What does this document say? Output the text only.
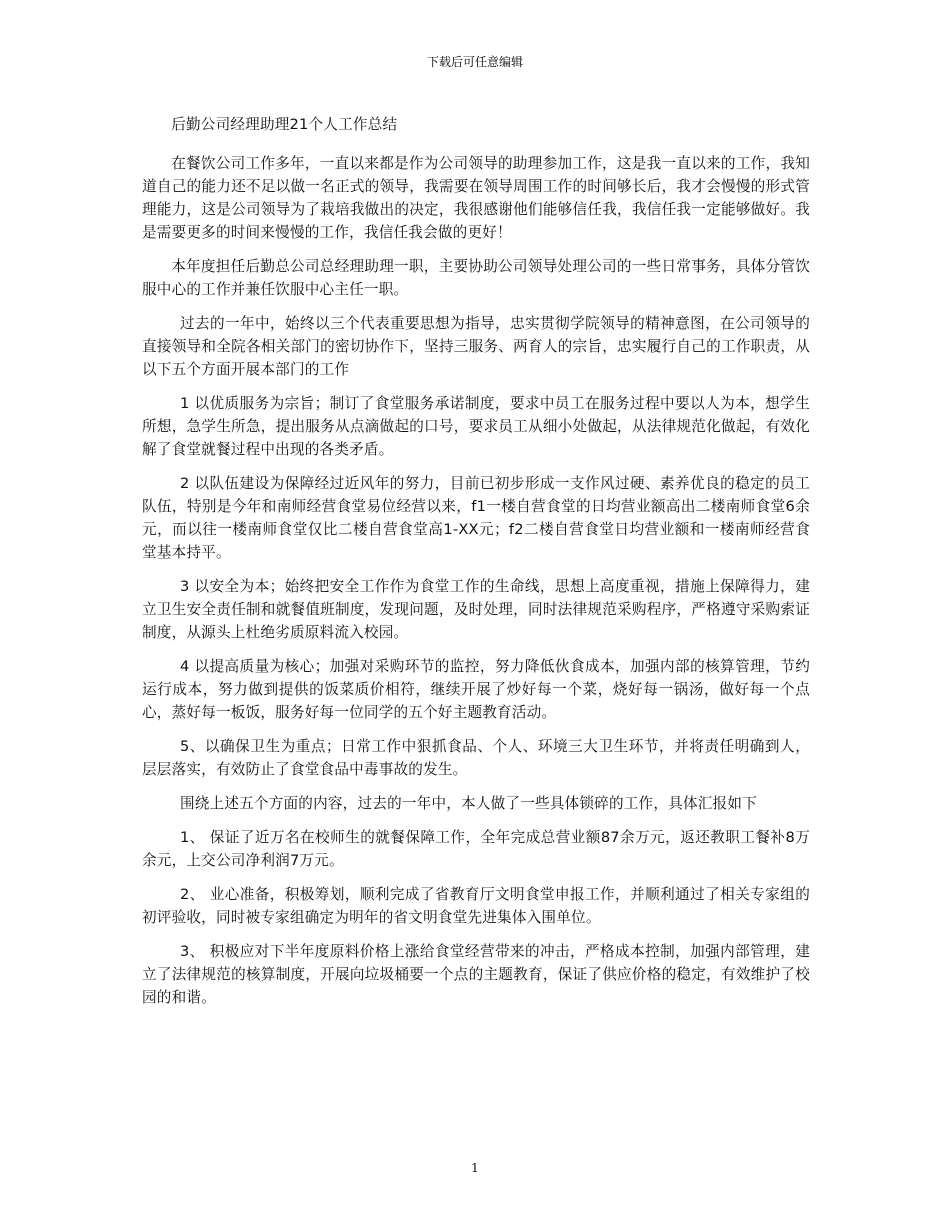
下载后可任意编辑

后勤公司经理助理21个人工作总结

在餐饮公司工作多年，一直以来都是作为公司领导的助理参加工作，这是我一直以来的工作，我知道自己的能力还不足以做一名正式的领导，我需要在领导周围工作的时间够长后，我才会慢慢的形式管理能力，这是公司领导为了栽培我做出的决定，我很感谢他们能够信任我，我信任我一定能够做好。我是需要更多的时间来慢慢的工作，我信任我会做的更好！

本年度担任后勤总公司总经理助理一职，主要协助公司领导处理公司的一些日常事务，具体分管饮服中心的工作并兼任饮服中心主任一职。

过去的一年中，始终以三个代表重要思想为指导，忠实贯彻学院领导的精神意图，在公司领导的直接领导和全院各相关部门的密切协作下，坚持三服务、两育人的宗旨，忠实履行自己的工作职责，从以下五个方面开展本部门的工作

1 以优质服务为宗旨；制订了食堂服务承诺制度，要求中员工在服务过程中要以人为本，想学生所想，急学生所急，提出服务从点滴做起的口号，要求员工从细小处做起，从法律规范化做起，有效化解了食堂就餐过程中出现的各类矛盾。

2 以队伍建设为保障经过近风年的努力，目前已初步形成一支作风过硬、素养优良的稳定的员工队伍，特别是今年和南师经营食堂易位经营以来，f1一楼自营食堂的日均营业额高出二楼南师食堂6余元，而以往一楼南师食堂仅比二楼自营食堂高1-XX元；f2二楼自营食堂日均营业额和一楼南师经营食堂基本持平。

3 以安全为本；始终把安全工作作为食堂工作的生命线，思想上高度重视，措施上保障得力，建立卫生安全责任制和就餐值班制度，发现问题，及时处理，同时法律规范采购程序，严格遵守采购索证制度，从源头上杜绝劣质原料流入校园。

4 以提高质量为核心；加强对采购环节的监控，努力降低伙食成本，加强内部的核算管理，节约运行成本，努力做到提供的饭菜质价相符，继续开展了炒好每一个菜，烧好每一锅汤，做好每一个点心，蒸好每一板饭，服务好每一位同学的五个好主题教育活动。

5、以确保卫生为重点；日常工作中狠抓食品、个人、环境三大卫生环节，并将责任明确到人，层层落实，有效防止了食堂食品中毒事故的发生。

围绕上述五个方面的内容，过去的一年中，本人做了一些具体锁碎的工作，具体汇报如下

1、 保证了近万名在校师生的就餐保障工作，全年完成总营业额87余万元，返还教职工餐补8万余元，上交公司净利润7万元。

2、 业心准备，积极筹划，顺利完成了省教育厅文明食堂申报工作，并顺利通过了相关专家组的初评验收，同时被专家组确定为明年的省文明食堂先进集体入围单位。

3、 积极应对下半年度原料价格上涨给食堂经营带来的冲击，严格成本控制，加强内部管理，建立了法律规范的核算制度，开展向垃圾桶要一个点的主题教育，保证了供应价格的稳定，有效维护了校园的和谐。

1
